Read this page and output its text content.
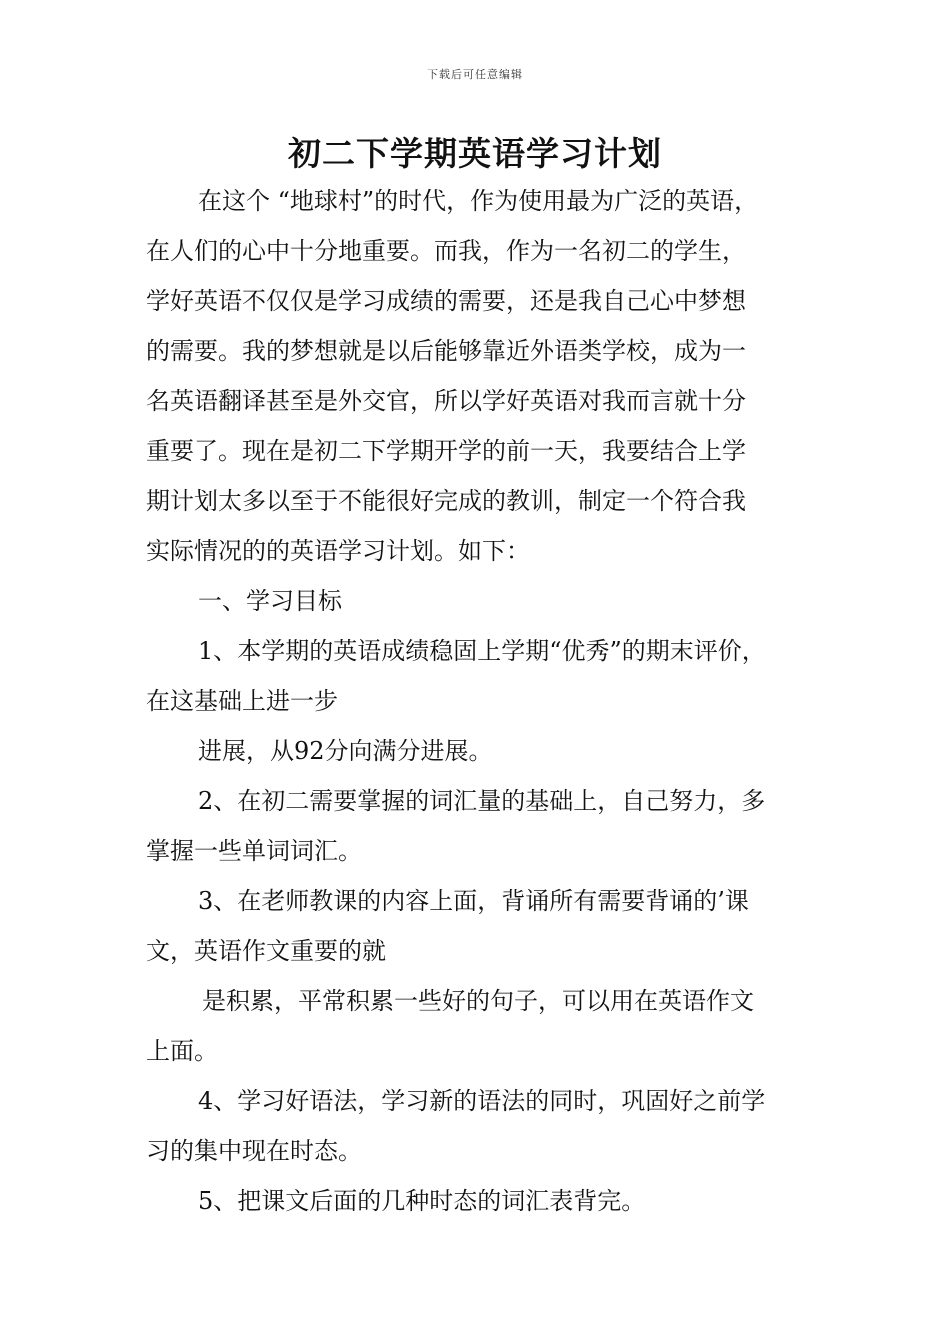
下载后可任意编辑
初二下学期英语学习计划
在这个 “地球村”的时代，作为使用最为广泛的英语，
在人们的心中十分地重要。而我，作为一名初二的学生，
学好英语不仅仅是学习成绩的需要，还是我自己心中梦想
的需要。我的梦想就是以后能够靠近外语类学校，成为一
名英语翻译甚至是外交官，所以学好英语对我而言就十分
重要了。现在是初二下学期开学的前一天，我要结合上学
期计划太多以至于不能很好完成的教训，制定一个符合我
实际情况的的英语学习计划。如下：
一、学习目标
1、本学期的英语成绩稳固上学期“优秀”的期末评价，
在这基础上进一步
进展，从92分向满分进展。
2、在初二需要掌握的词汇量的基础上，自己努力，多
掌握一些单词词汇。
3、在老师教课的内容上面，背诵所有需要背诵的’课
文，英语作文重要的就
是积累，平常积累一些好的句子，可以用在英语作文
上面。
4、学习好语法，学习新的语法的同时，巩固好之前学
习的集中现在时态。
5、把课文后面的几种时态的词汇表背完。
